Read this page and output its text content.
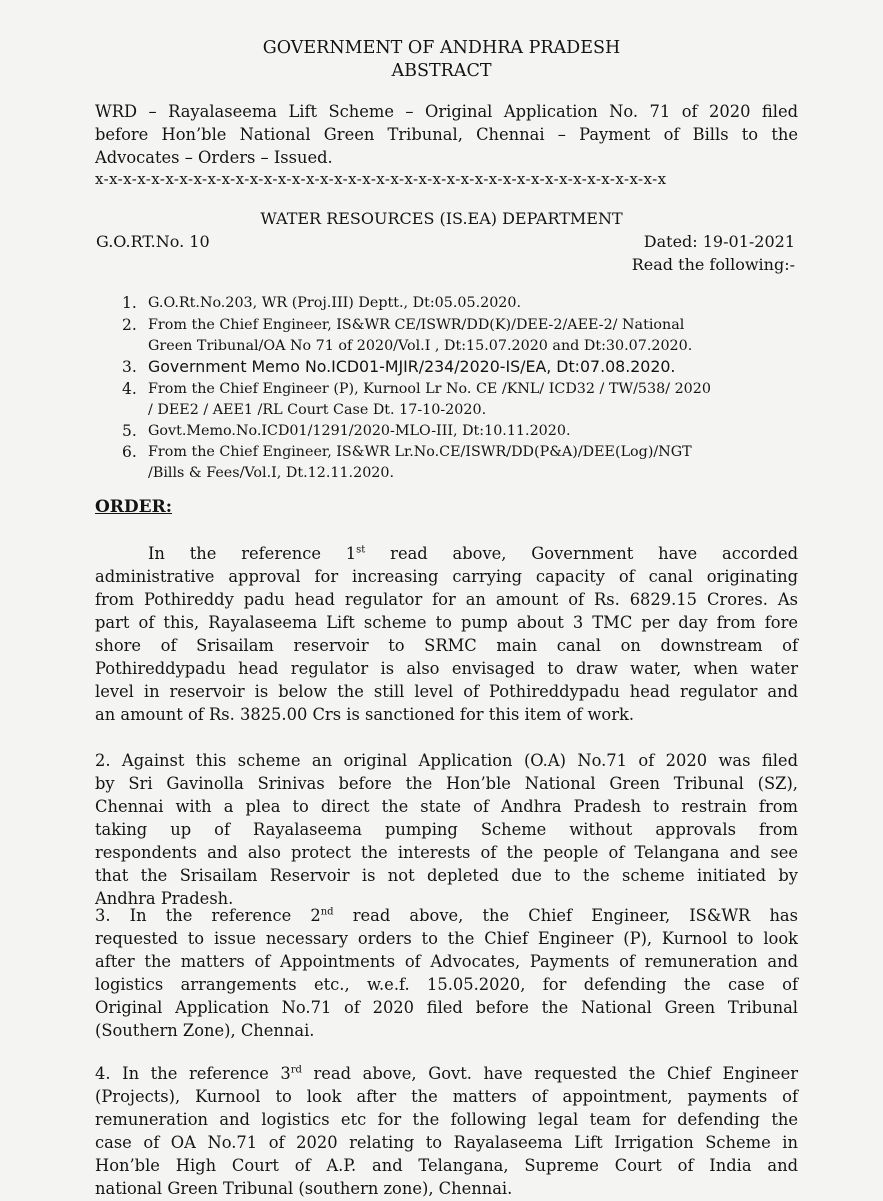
GOVERNMENT OF ANDHRA PRADESH
ABSTRACT
WRD – Rayalaseema Lift Scheme – Original Application No. 71 of 2020 filed
before Hon’ble National Green Tribunal, Chennai – Payment of Bills to the
Advocates – Orders – Issued.
x-x-x-x-x-x-x-x-x-x-x-x-x-x-x-x-x-x-x-x-x-x-x-x-x-x-x-x-x-x-x-x-x-x-x-x-x-x-x-x-x
WATER RESOURCES (IS.EA) DEPARTMENT
G.O.RT.No. 10	Dated: 19-01-2021
Read the following:-
1. G.O.Rt.No.203, WR (Proj.III) Deptt., Dt:05.05.2020.
2. From the Chief Engineer, IS&WR CE/ISWR/DD(K)/DEE-2/AEE-2/ National
Green Tribunal/OA No 71 of 2020/Vol.I , Dt:15.07.2020 and Dt:30.07.2020.
3. Government Memo No.ICD01-MJIR/234/2020-IS/EA, Dt:07.08.2020.
4. From the Chief Engineer (P), Kurnool Lr No. CE /KNL/ ICD32 / TW/538/ 2020
/ DEE2 / AEE1 /RL Court Case Dt. 17-10-2020.
5. Govt.Memo.No.ICD01/1291/2020-MLO-III, Dt:10.11.2020.
6. From the Chief Engineer, IS&WR Lr.No.CE/ISWR/DD(P&A)/DEE(Log)/NGT
/Bills & Fees/Vol.I, Dt.12.11.2020.
ORDER:
In the reference 1st read above, Government have accorded
administrative approval for increasing carrying capacity of canal originating
from Pothireddy padu head regulator for an amount of Rs. 6829.15 Crores. As
part of this, Rayalaseema Lift scheme to pump about 3 TMC per day from fore
shore of Srisailam reservoir to SRMC main canal on downstream of
Pothireddypadu head regulator is also envisaged to draw water, when water
level in reservoir is below the still level of Pothireddypadu head regulator and
an amount of Rs. 3825.00 Crs is sanctioned for this item of work.
2. Against this scheme an original Application (O.A) No.71 of 2020 was filed
by Sri Gavinolla Srinivas before the Hon’ble National Green Tribunal (SZ),
Chennai with a plea to direct the state of Andhra Pradesh to restrain from
taking up of Rayalaseema pumping Scheme without approvals from
respondents and also protect the interests of the people of Telangana and see
that the Srisailam Reservoir is not depleted due to the scheme initiated by
Andhra Pradesh.
3. In the reference 2nd read above, the Chief Engineer, IS&WR has
requested to issue necessary orders to the Chief Engineer (P), Kurnool to look
after the matters of Appointments of Advocates, Payments of remuneration and
logistics arrangements etc., w.e.f. 15.05.2020, for defending the case of
Original Application No.71 of 2020 filed before the National Green Tribunal
(Southern Zone), Chennai.
4. In the reference 3rd read above, Govt. have requested the Chief Engineer
(Projects), Kurnool to look after the matters of appointment, payments of
remuneration and logistics etc for the following legal team for defending the
case of OA No.71 of 2020 relating to Rayalaseema Lift Irrigation Scheme in
Hon’ble High Court of A.P. and Telangana, Supreme Court of India and
national Green Tribunal (southern zone), Chennai.
